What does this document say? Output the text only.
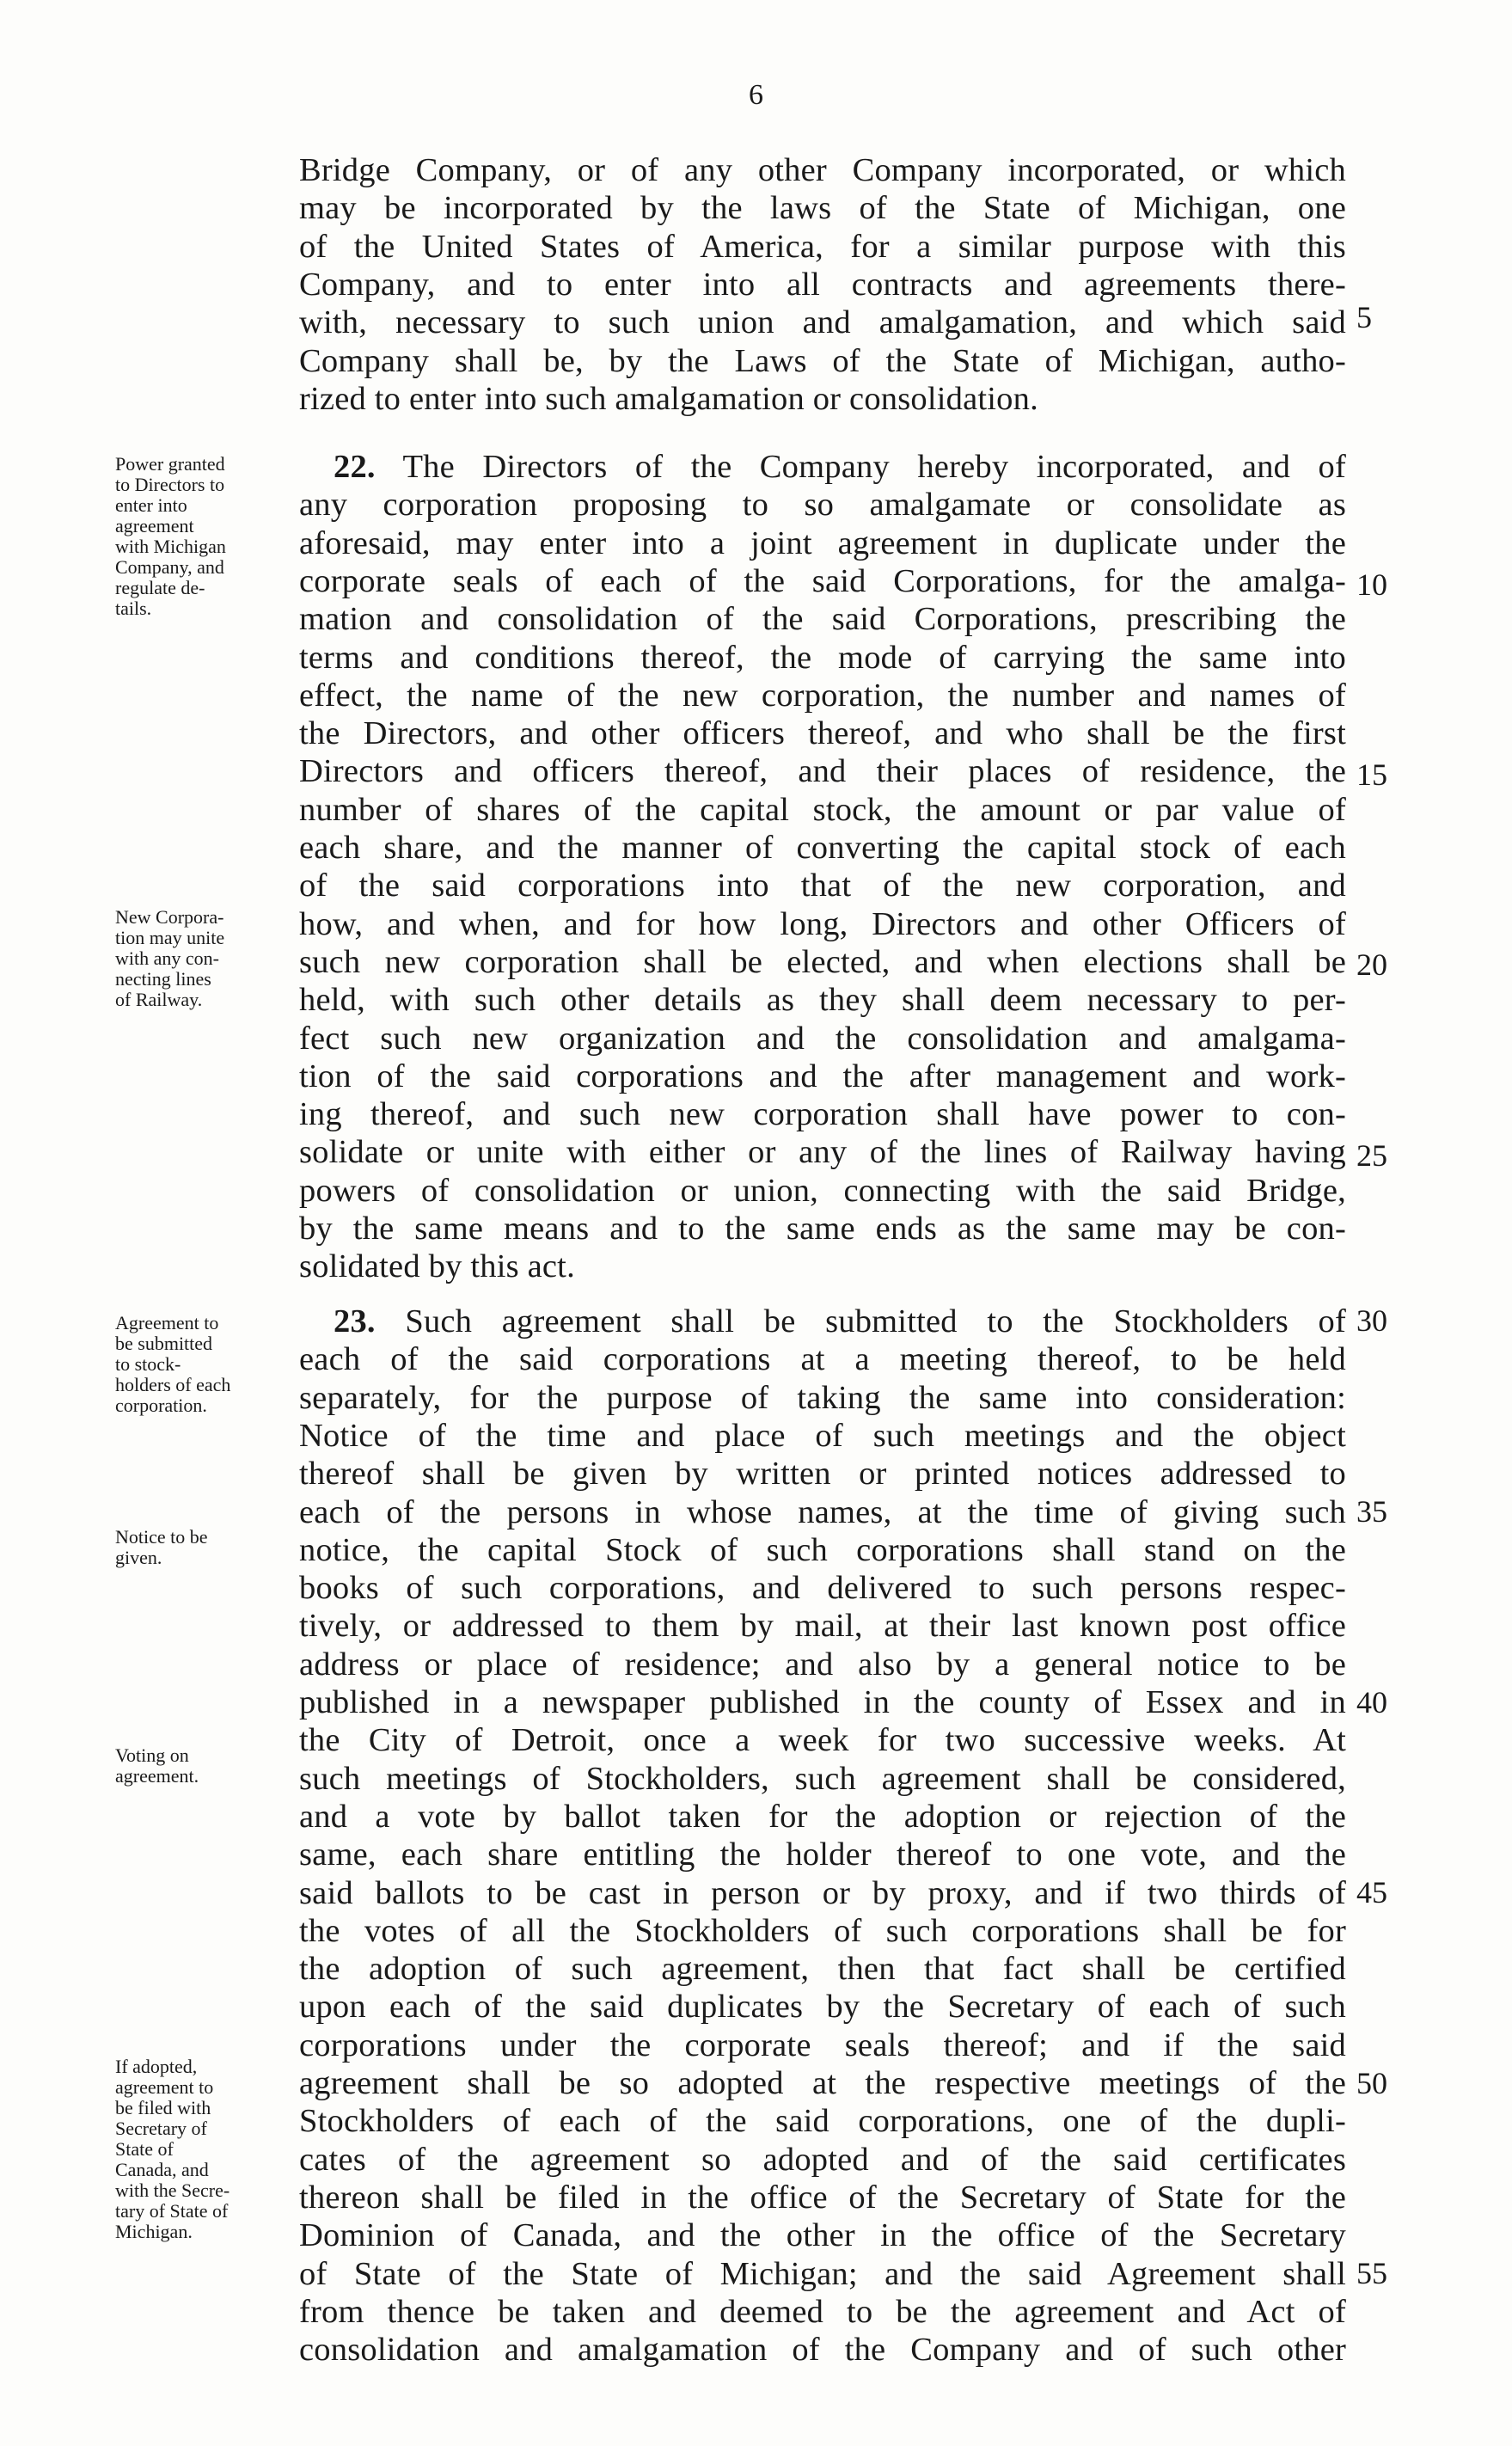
6
Bridge Company, or of any other Company incorporated, or which
may be incorporated by the laws of the State of Michigan, one
of the United States of America, for a similar purpose with this
Company, and to enter into all contracts and agreements there-
with, necessary to such union and amalgamation, and which said
Company shall be, by the Laws of the State of Michigan, autho-
rized to enter into such amalgamation or consolidation.
22. The Directors of the Company hereby incorporated, and of
any corporation proposing to so amalgamate or consolidate as
aforesaid, may enter into a joint agreement in duplicate under the
corporate seals of each of the said Corporations, for the amalga-
mation and consolidation of the said Corporations, prescribing the
terms and conditions thereof, the mode of carrying the same into
effect, the name of the new corporation, the number and names of
the Directors, and other officers thereof, and who shall be the first
Directors and officers thereof, and their places of residence, the
number of shares of the capital stock, the amount or par value of
each share, and the manner of converting the capital stock of each
of the said corporations into that of the new corporation, and
how, and when, and for how long, Directors and other Officers of
such new corporation shall be elected, and when elections shall be
held, with such other details as they shall deem necessary to per-
fect such new organization and the consolidation and amalgama-
tion of the said corporations and the after management and work-
ing thereof, and such new corporation shall have power to con-
solidate or unite with either or any of the lines of Railway having
powers of consolidation or union, connecting with the said Bridge,
by the same means and to the same ends as the same may be con-
solidated by this act.
23. Such agreement shall be submitted to the Stockholders of
each of the said corporations at a meeting thereof, to be held
separately, for the purpose of taking the same into consideration:
Notice of the time and place of such meetings and the object
thereof shall be given by written or printed notices addressed to
each of the persons in whose names, at the time of giving such
notice, the capital Stock of such corporations shall stand on the
books of such corporations, and delivered to such persons respec-
tively, or addressed to them by mail, at their last known post office
address or place of residence; and also by a general notice to be
published in a newspaper published in the county of Essex and in
the City of Detroit, once a week for two successive weeks. At
such meetings of Stockholders, such agreement shall be considered,
and a vote by ballot taken for the adoption or rejection of the
same, each share entitling the holder thereof to one vote, and the
said ballots to be cast in person or by proxy, and if two thirds of
the votes of all the Stockholders of such corporations shall be for
the adoption of such agreement, then that fact shall be certified
upon each of the said duplicates by the Secretary of each of such
corporations under the corporate seals thereof; and if the said
agreement shall be so adopted at the respective meetings of the
Stockholders of each of the said corporations, one of the dupli-
cates of the agreement so adopted and of the said certificates
thereon shall be filed in the office of the Secretary of State for the
Dominion of Canada, and the other in the office of the Secretary
of State of the State of Michigan; and the said Agreement shall
from thence be taken and deemed to be the agreement and Act of
consolidation and amalgamation of the Company and of such other
Power granted
to Directors to
enter into
agreement
with Michigan
Company, and
regulate de-
tails.
New Corpora-
tion may unite
with any con-
necting lines
of Railway.
Agreement to
be submitted
to stock-
holders of each
corporation.
Notice to be
given.
Voting on
agreement.
If adopted,
agreement to
be filed with
Secretary of
State of
Canada, and
with the Secre-
tary of State of
Michigan.
5
10
15
20
25
30
35
40
45
50
55
